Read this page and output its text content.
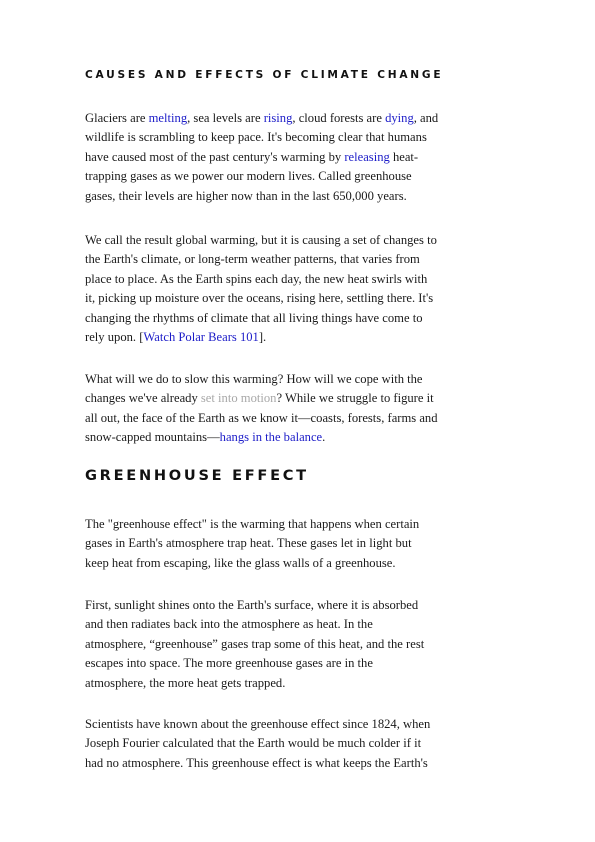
CAUSES AND EFFECTS OF CLIMATE CHANGE

Glaciers are melting, sea levels are rising, cloud forests are dying, and
wildlife is scrambling to keep pace. It's becoming clear that humans
have caused most of the past century's warming by releasing heat-
trapping gases as we power our modern lives. Called greenhouse
gases, their levels are higher now than in the last 650,000 years.

We call the result global warming, but it is causing a set of changes to
the Earth's climate, or long-term weather patterns, that varies from
place to place. As the Earth spins each day, the new heat swirls with
it, picking up moisture over the oceans, rising here, settling there. It's
changing the rhythms of climate that all living things have come to
rely upon. [Watch Polar Bears 101].

What will we do to slow this warming? How will we cope with the
changes we've already set into motion? While we struggle to figure it
all out, the face of the Earth as we know it—coasts, forests, farms and
snow-capped mountains—hangs in the balance.

GREENHOUSE EFFECT

The "greenhouse effect" is the warming that happens when certain
gases in Earth's atmosphere trap heat. These gases let in light but
keep heat from escaping, like the glass walls of a greenhouse.

First, sunlight shines onto the Earth's surface, where it is absorbed
and then radiates back into the atmosphere as heat. In the
atmosphere, “greenhouse” gases trap some of this heat, and the rest
escapes into space. The more greenhouse gases are in the
atmosphere, the more heat gets trapped.

Scientists have known about the greenhouse effect since 1824, when
Joseph Fourier calculated that the Earth would be much colder if it
had no atmosphere. This greenhouse effect is what keeps the Earth's
